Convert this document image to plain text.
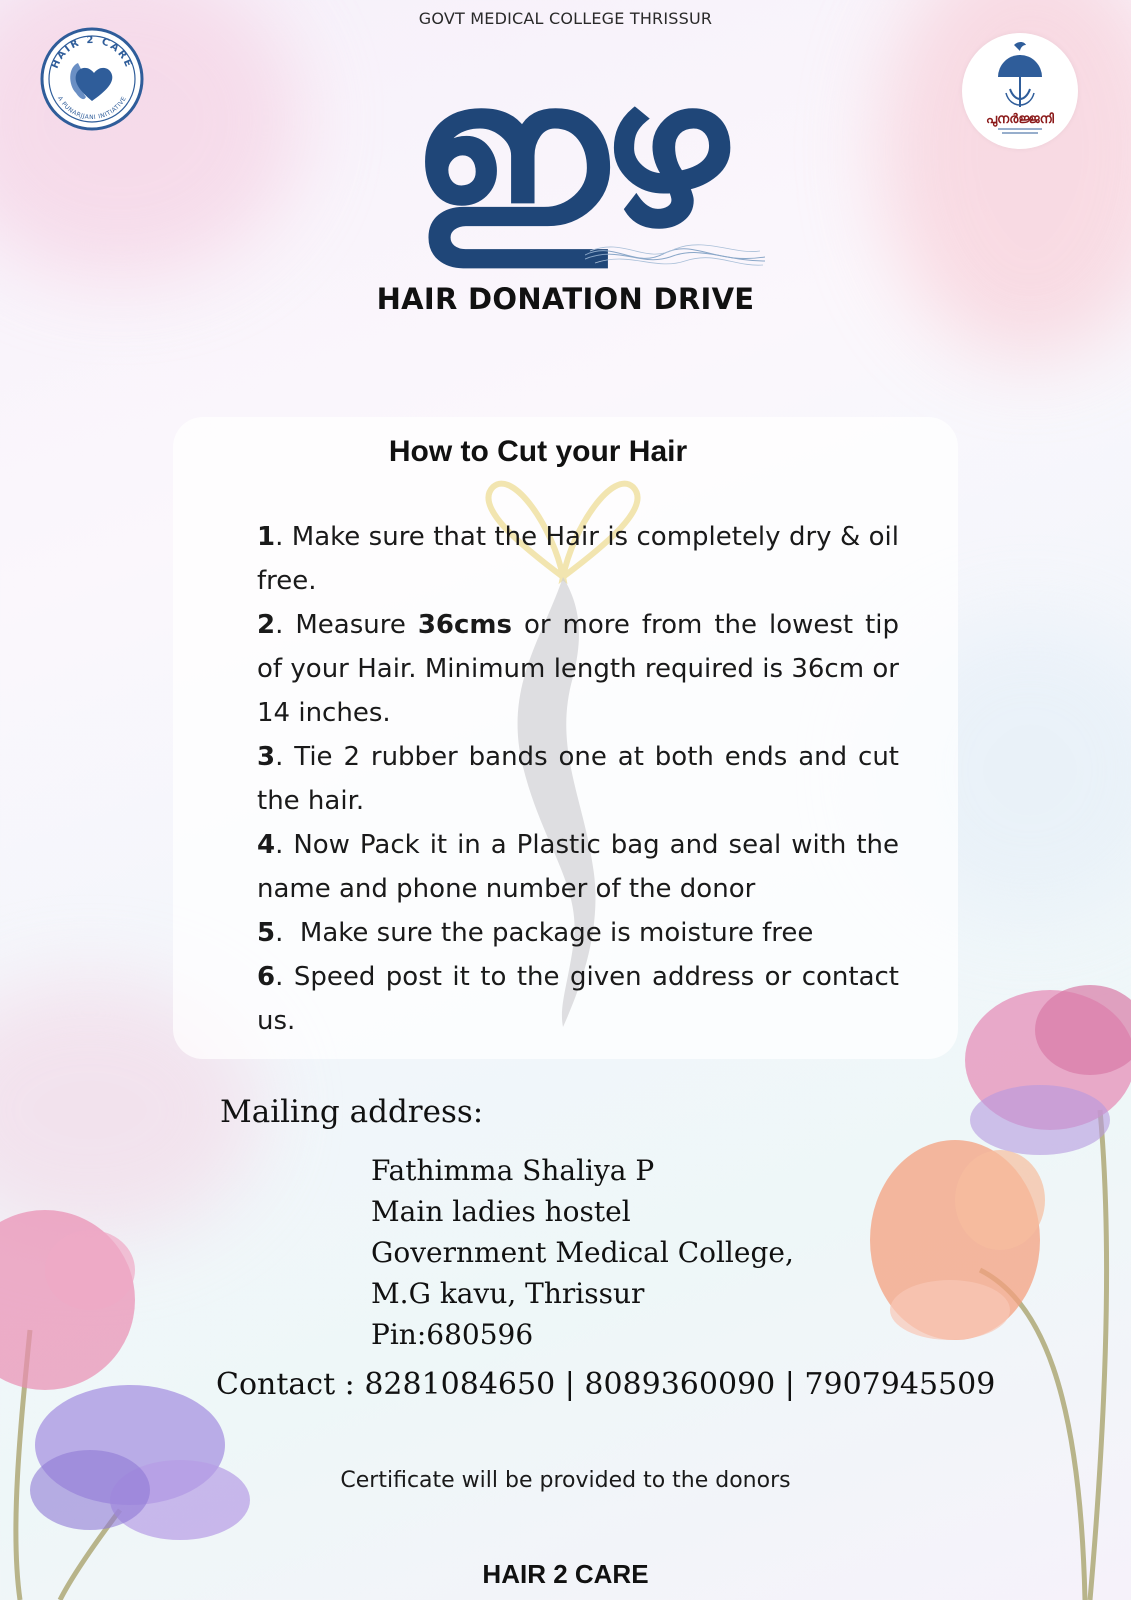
GOVT MEDICAL COLLEGE THRISSUR
HAIR 2 CARE
A PUNARJJANI INITIATIVE
പുനർജ്ജനി
ഇഴ
HAIR DONATION DRIVE
How to Cut your Hair
1. Make sure that the Hair is completely dry & oil free.
2. Measure 36cms or more from the lowest tip of your Hair. Minimum length required is 36cm or 14 inches.
3. Tie 2 rubber bands one at both ends and cut the hair.
4. Now Pack it in a Plastic bag and seal with the name and phone number of the donor
5.  Make sure the package is moisture free
6. Speed post it to the given address or contact us.
Mailing address:
Fathimma Shaliya P
Main ladies hostel
Government Medical College,
M.G kavu, Thrissur
Pin:680596
Contact : 8281084650 | 8089360090 | 7907945509
Certificate will be provided to the donors
HAIR 2 CARE
